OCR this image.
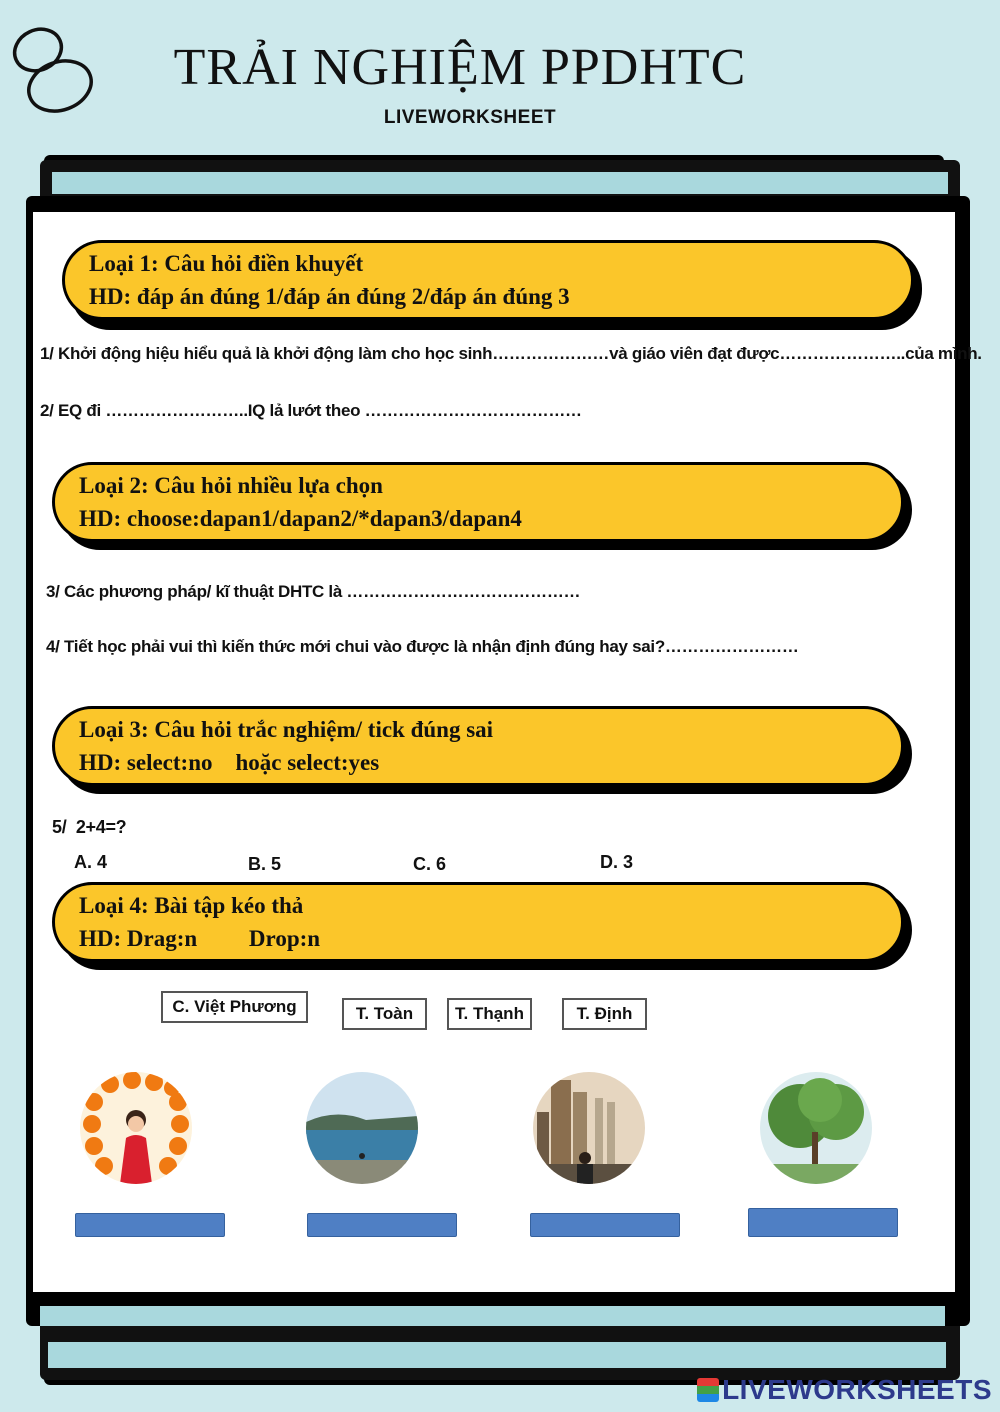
TRẢI NGHIỆM PPDHTC
LIVEWORKSHEET
Loại 1: Câu hỏi điền khuyết
HD: đáp án đúng 1/đáp án đúng 2/đáp án đúng 3
1/ Khởi động hiệu hiểu quả là khởi động làm cho học sinh…………………và giáo viên đạt được…………………..của mình.
2/ EQ đi ……………………..IQ lả lướt theo …………………………………
Loại 2: Câu hỏi nhiều lựa chọn
HD: choose:dapan1/dapan2/*dapan3/dapan4
3/ Các phương pháp/ kĩ thuật DHTC là ……………………………………
4/ Tiết học phải vui thì kiến thức mới chui vào được là nhận định đúng hay sai?……………………
Loại 3: Câu hỏi trắc nghiệm/ tick đúng sai
HD: select:no    hoặc select:yes
5/  2+4=?
A. 4	B. 5	C. 6	D. 3
Loại 4: Bài tập kéo thả
HD: Drag:n         Drop:n
C. Việt Phương	T. Toàn	T. Thạnh	T. Định
LIVEWORKSHEETS
